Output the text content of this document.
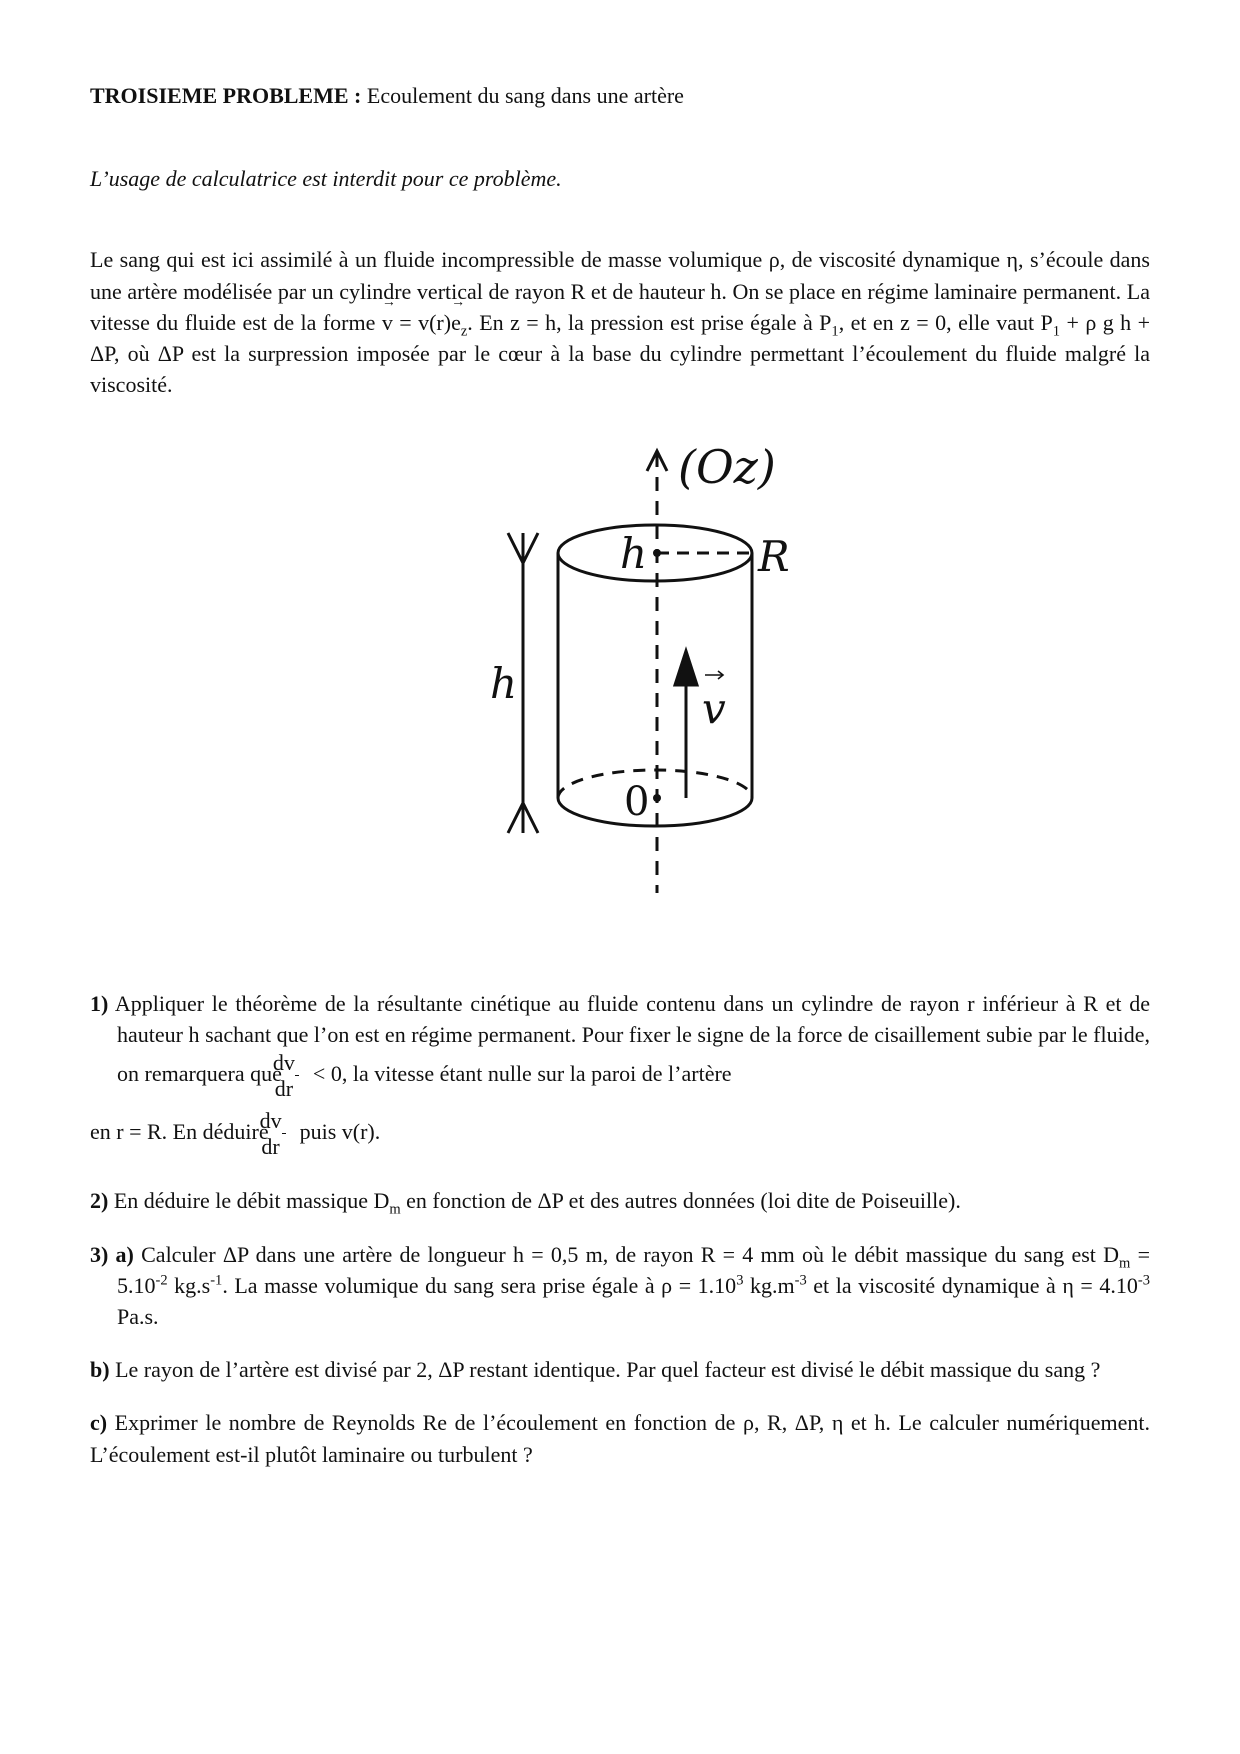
TROISIEME PROBLEME : Ecoulement du sang dans une artère

L’usage de calculatrice est interdit pour ce problème.

Le sang qui est ici assimilé à un fluide incompressible de masse volumique ρ, de viscosité dynamique η, s’écoule dans une artère modélisée par un cylindre vertical de rayon R et de hauteur h. On se place en régime laminaire permanent. La vitesse du fluide est de la forme → $v = v(r)\to e_z$. En z = h, la pression est prise égale à $P_1$, et en z = 0, elle vaut $P_1 + \rho$ g h + ΔP, où ΔP est la surpression imposée par le cœur à la base du cylindre permettant l’écoulement du fluide malgré la viscosité.

(Oz)
h	R
h
v
0
1) Appliquer le théorème de la résultante cinétique au fluide contenu dans un cylindre de rayon r inférieur à R et de hauteur h sachant que l’on est en régime permanent. Pour fixer le signe de la force de cisaillement subie par le fluide, on remarquera que $\frac{dv}{dr} < 0$, la vitesse étant nulle sur la paroi de l’artère
en r = R. En déduire $\frac{dv}{dr}$ puis v(r).

2) En déduire le débit massique $D_m$ en fonction de ΔP et des autres données (loi dite de Poiseuille).

3) a) Calculer ΔP dans une artère de longueur h = 0,5 m, de rayon R = 4 mm où le débit massique du sang est $D_m = 5.10^{-2}$ $kg.s^{-1}$. La masse volumique du sang sera prise égale à $\rho = 1.10^3$ $kg.m^{-3}$ et la viscosité dynamique à $\eta = 4.10^{-3}$ Pa.s.

b) Le rayon de l’artère est divisé par 2, ΔP restant identique. Par quel facteur est divisé le débit massique du sang ?

c) Exprimer le nombre de Reynolds Re de l’écoulement en fonction de ρ, R, ΔP, η et h. Le calculer numériquement. L’écoulement est-il plutôt laminaire ou turbulent ?
